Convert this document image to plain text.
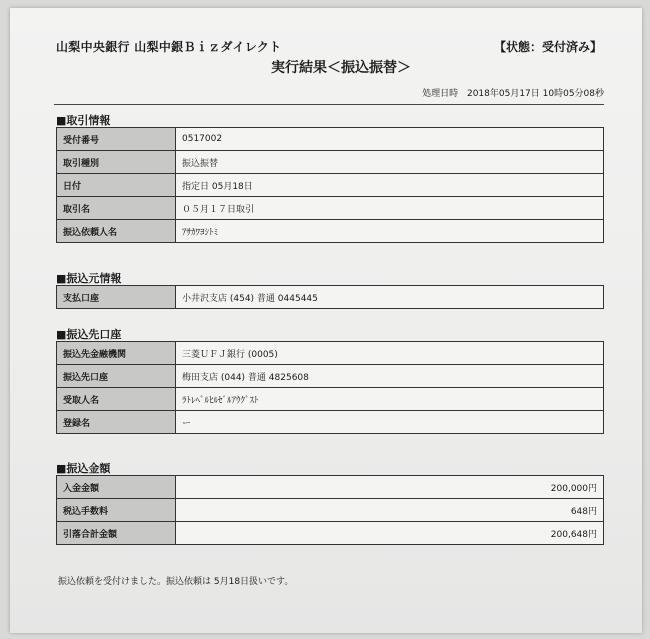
山梨中央銀行 山梨中銀Ｂｉｚダイレクト	【状態：受付済み】
実行結果＜振込振替＞
処理日時 2018年05月17日 10時05分08秒
■取引情報
受付番号	0517002
取引種別	振込振替
日付	指定日 05月18日
取引名	０５月１７日取引
振込依頼人名	ｱｻｶﾜﾖｼﾄﾐ
■振込元情報
支払口座	小井沢支店 (454) 普通 0445445
■振込先口座
振込先金融機関	三菱ＵＦＪ銀行 (0005)
振込先口座	梅田支店 (044) 普通 4825608
受取人名	ﾗﾄﾚﾍﾞﾙﾋﾙｾﾞﾙｱｳｸﾞｽﾄ
登録名	ー
■振込金額
入金金額	200,000円
税込手数料	648円
引落合計金額	200,648円
振込依頼を受付けました。振込依頼は 5月18日扱いです。
